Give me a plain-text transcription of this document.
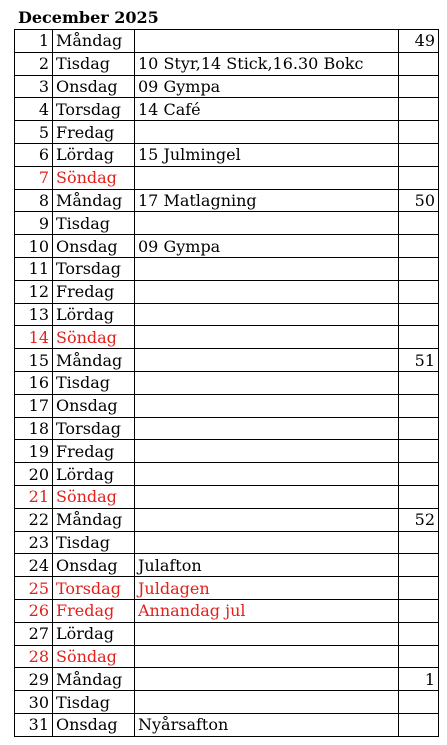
December 2025
1	Måndag		49
2	Tisdag	10 Styr,14 Stick,16.30 Bokc	
3	Onsdag	09 Gympa	
4	Torsdag	14 Café	
5	Fredag		
6	Lördag	15 Julmingel	
7	Söndag		
8	Måndag	17 Matlagning	50
9	Tisdag		
10	Onsdag	09 Gympa	
11	Torsdag		
12	Fredag		
13	Lördag		
14	Söndag		
15	Måndag		51
16	Tisdag		
17	Onsdag		
18	Torsdag		
19	Fredag		
20	Lördag		
21	Söndag		
22	Måndag		52
23	Tisdag		
24	Onsdag	Julafton	
25	Torsdag	Juldagen	
26	Fredag	Annandag jul	
27	Lördag		
28	Söndag		
29	Måndag		1
30	Tisdag		
31	Onsdag	Nyårsafton	
